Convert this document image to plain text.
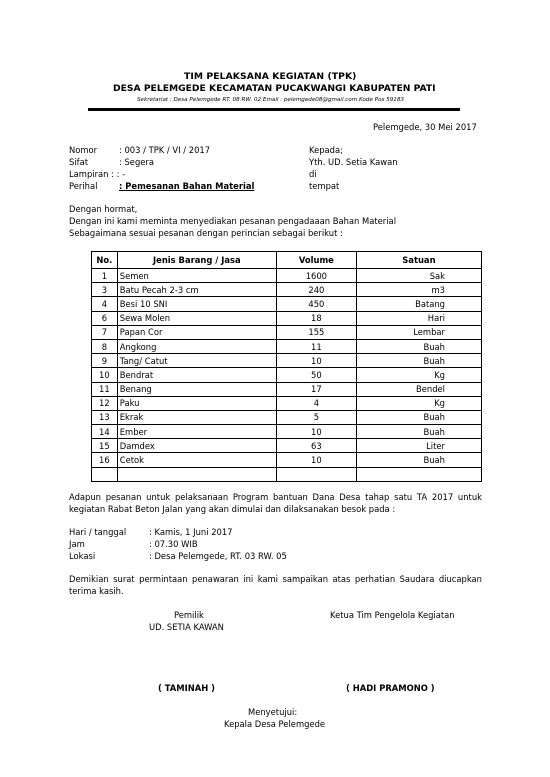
TIM PELAKSANA KEGIATAN (TPK)
DESA PELEMGEDE KECAMATAN PUCAKWANGI KABUPATEN PATI
Sekretariat : Desa Pelemgede RT. 08 RW. 02 Email : pelemgede08@gmail.com Kode Pos 59183
Pelemgede, 30 Mei 2017
Nomor	: 003 / TPK / VI / 2017
Sifat	: Segera
Lampiran : : -
Perihal	: Pemesanan Bahan Material
Kepada;
Yth. UD. Setia Kawan
di
tempat
Dengan hormat,
Dengan ini kami meminta menyediakan pesanan pengadaaan Bahan Material
Sebagaimana sesuai pesanan dengan perincian sebagai berikut :
No.	Jenis Barang / Jasa	Volume	Satuan
1	Semen	1600	Sak
3	Batu Pecah 2-3 cm	240	m3
4	Besi 10 SNI	450	Batang
6	Sewa Molen	18	Hari
7	Papan Cor	155	Lembar
8	Angkong	11	Buah
9	Tang/ Catut	10	Buah
10	Bendrat	50	Kg
11	Benang	17	Bendel
12	Paku	4	Kg
13	Ekrak	5	Buah
14	Ember	10	Buah
15	Damdex	63	Liter
16	Cetok	10	Buah

Adapun pesanan untuk pelaksanaan Program bantuan Dana Desa tahap satu TA 2017 untuk kegiatan Rabat Beton Jalan yang akan dimulai dan dilaksanakan besok pada :
Hari / tanggal	: Kamis, 1 Juni 2017
Jam	: 07.30 WIB
Lokasi	: Desa Pelemgede, RT. 03 RW. 05
Demikian surat permintaan penawaran ini kami sampaikan atas perhatian Saudara diucapkan terima kasih.
Pemilik
UD. SETIA KAWAN
Ketua Tim Pengelola Kegiatan
( TAMINAH )	( HADI PRAMONO )
Menyetujui:
Kepala Desa Pelemgede
